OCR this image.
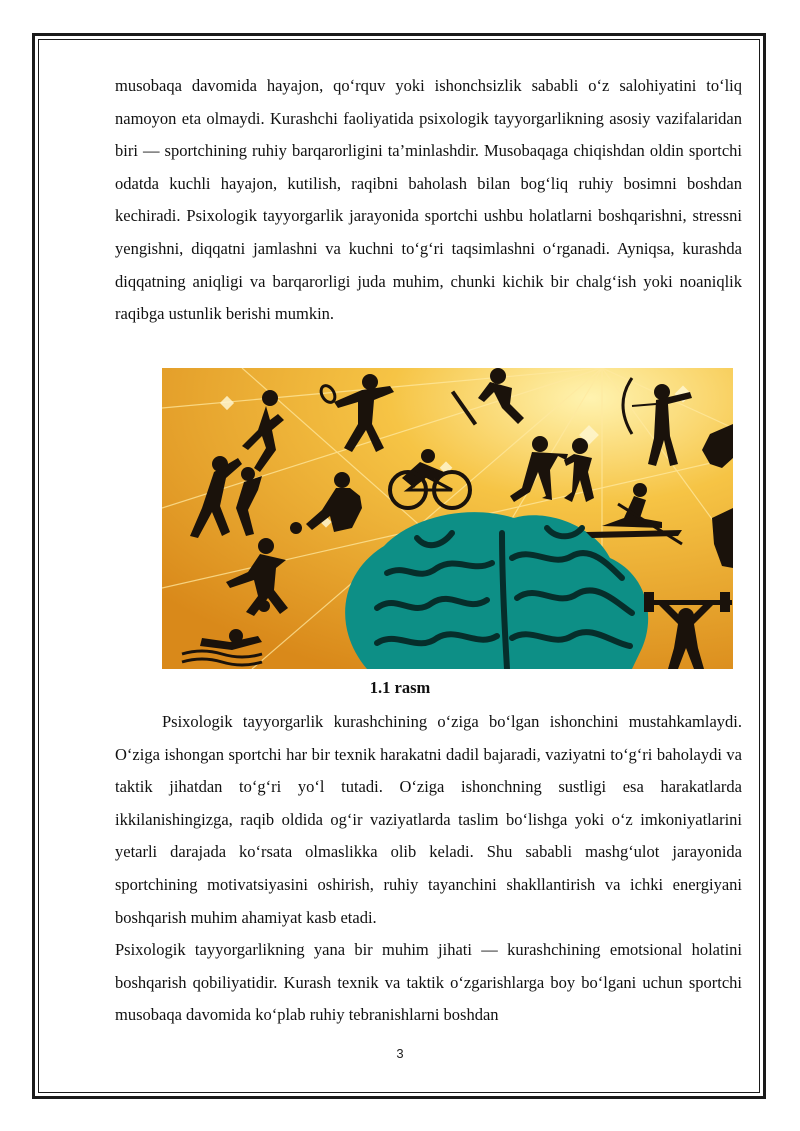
musobaqa davomida hayajon, qo‘rquv yoki ishonchsizlik sababli o‘z salohiyatini to‘liq namoyon eta olmaydi. Kurashchi faoliyatida psixologik tayyorgarlikning asosiy vazifalaridan biri — sportchining ruhiy barqarorligini ta’minlashdir. Musobaqaga chiqishdan oldin sportchi odatda kuchli hayajon, kutilish, raqibni baholash bilan bog‘liq ruhiy bosimni boshdan kechiradi. Psixologik tayyorgarlik jarayonida sportchi ushbu holatlarni boshqarishni, stressni yengishni, diqqatni jamlashni va kuchni to‘g‘ri taqsimlashni o‘rganadi. Ayniqsa, kurashda diqqatning aniqligi va barqarorligi juda muhim, chunki kichik bir chalg‘ish yoki noaniqlik raqibga ustunlik berishi mumkin.
1.1 rasm
Psixologik tayyorgarlik kurashchining o‘ziga bo‘lgan ishonchini mustahkamlaydi. O‘ziga ishongan sportchi har bir texnik harakatni dadil bajaradi, vaziyatni to‘g‘ri baholaydi va taktik jihatdan to‘g‘ri yo‘l tutadi. O‘ziga ishonchning sustligi esa harakatlarda ikkilanishingizga, raqib oldida og‘ir vaziyatlarda taslim bo‘lishga yoki o‘z imkoniyatlarini yetarli darajada ko‘rsata olmaslikka olib keladi. Shu sababli mashg‘ulot jarayonida sportchining motivatsiyasini oshirish, ruhiy tayanchini shakllantirish va ichki energiyani boshqarish muhim ahamiyat kasb etadi.
Psixologik tayyorgarlikning yana bir muhim jihati — kurashchining emotsional holatini boshqarish qobiliyatidir. Kurash texnik va taktik o‘zgarishlarga boy bo‘lgani uchun sportchi musobaqa davomida ko‘plab ruhiy tebranishlarni boshdan
3
